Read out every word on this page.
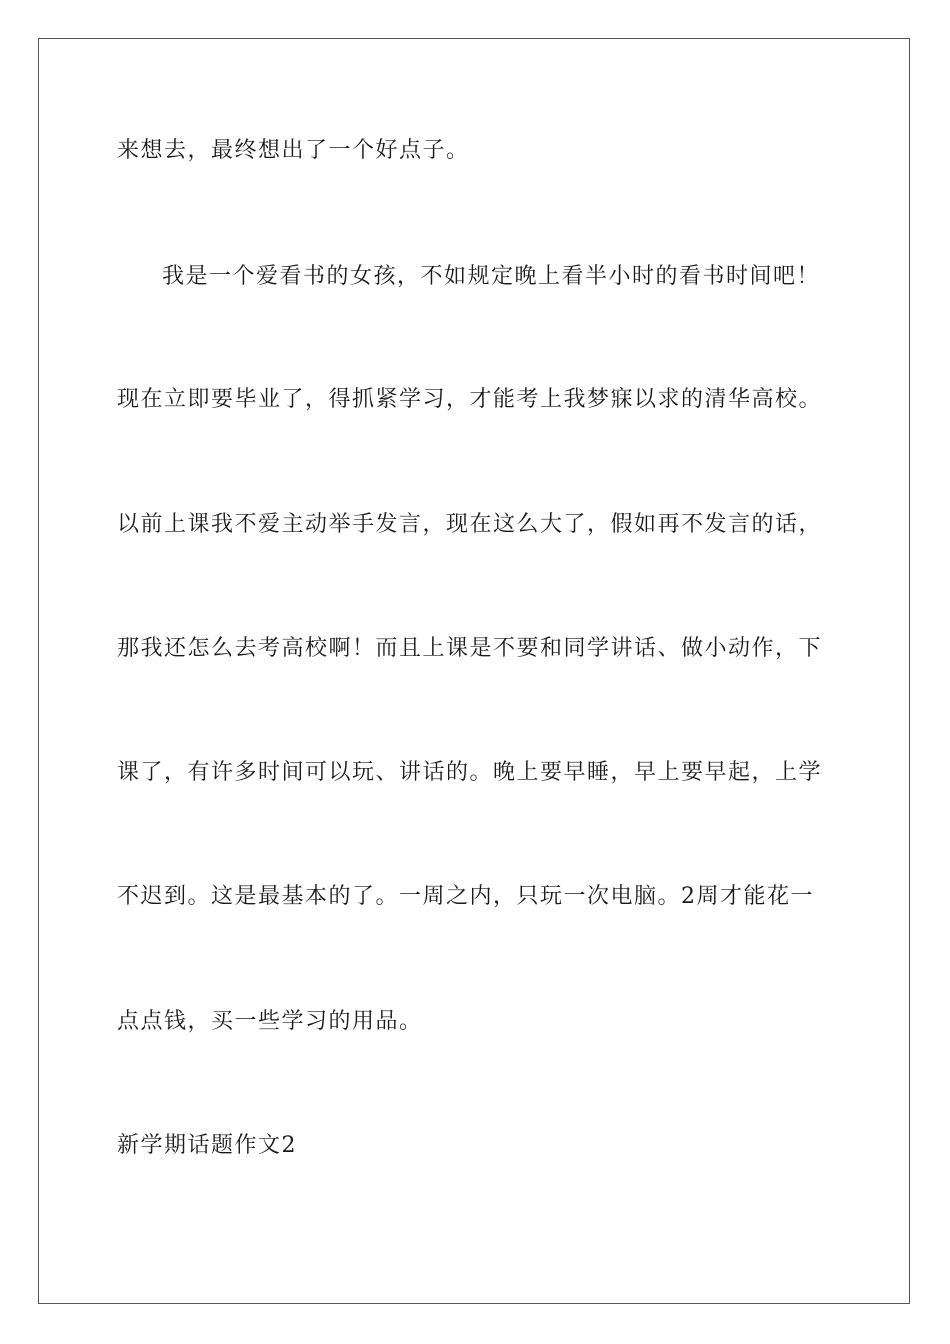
来想去，最终想出了一个好点子。
我是一个爱看书的女孩，不如规定晚上看半小时的看书时间吧！
现在立即要毕业了，得抓紧学习，才能考上我梦寐以求的清华高校。
以前上课我不爱主动举手发言，现在这么大了，假如再不发言的话，
那我还怎么去考高校啊！而且上课是不要和同学讲话、做小动作，下
课了，有许多时间可以玩、讲话的。晚上要早睡，早上要早起，上学
不迟到。这是最基本的了。一周之内，只玩一次电脑。2周才能花一
点点钱，买一些学习的用品。
新学期话题作文2
